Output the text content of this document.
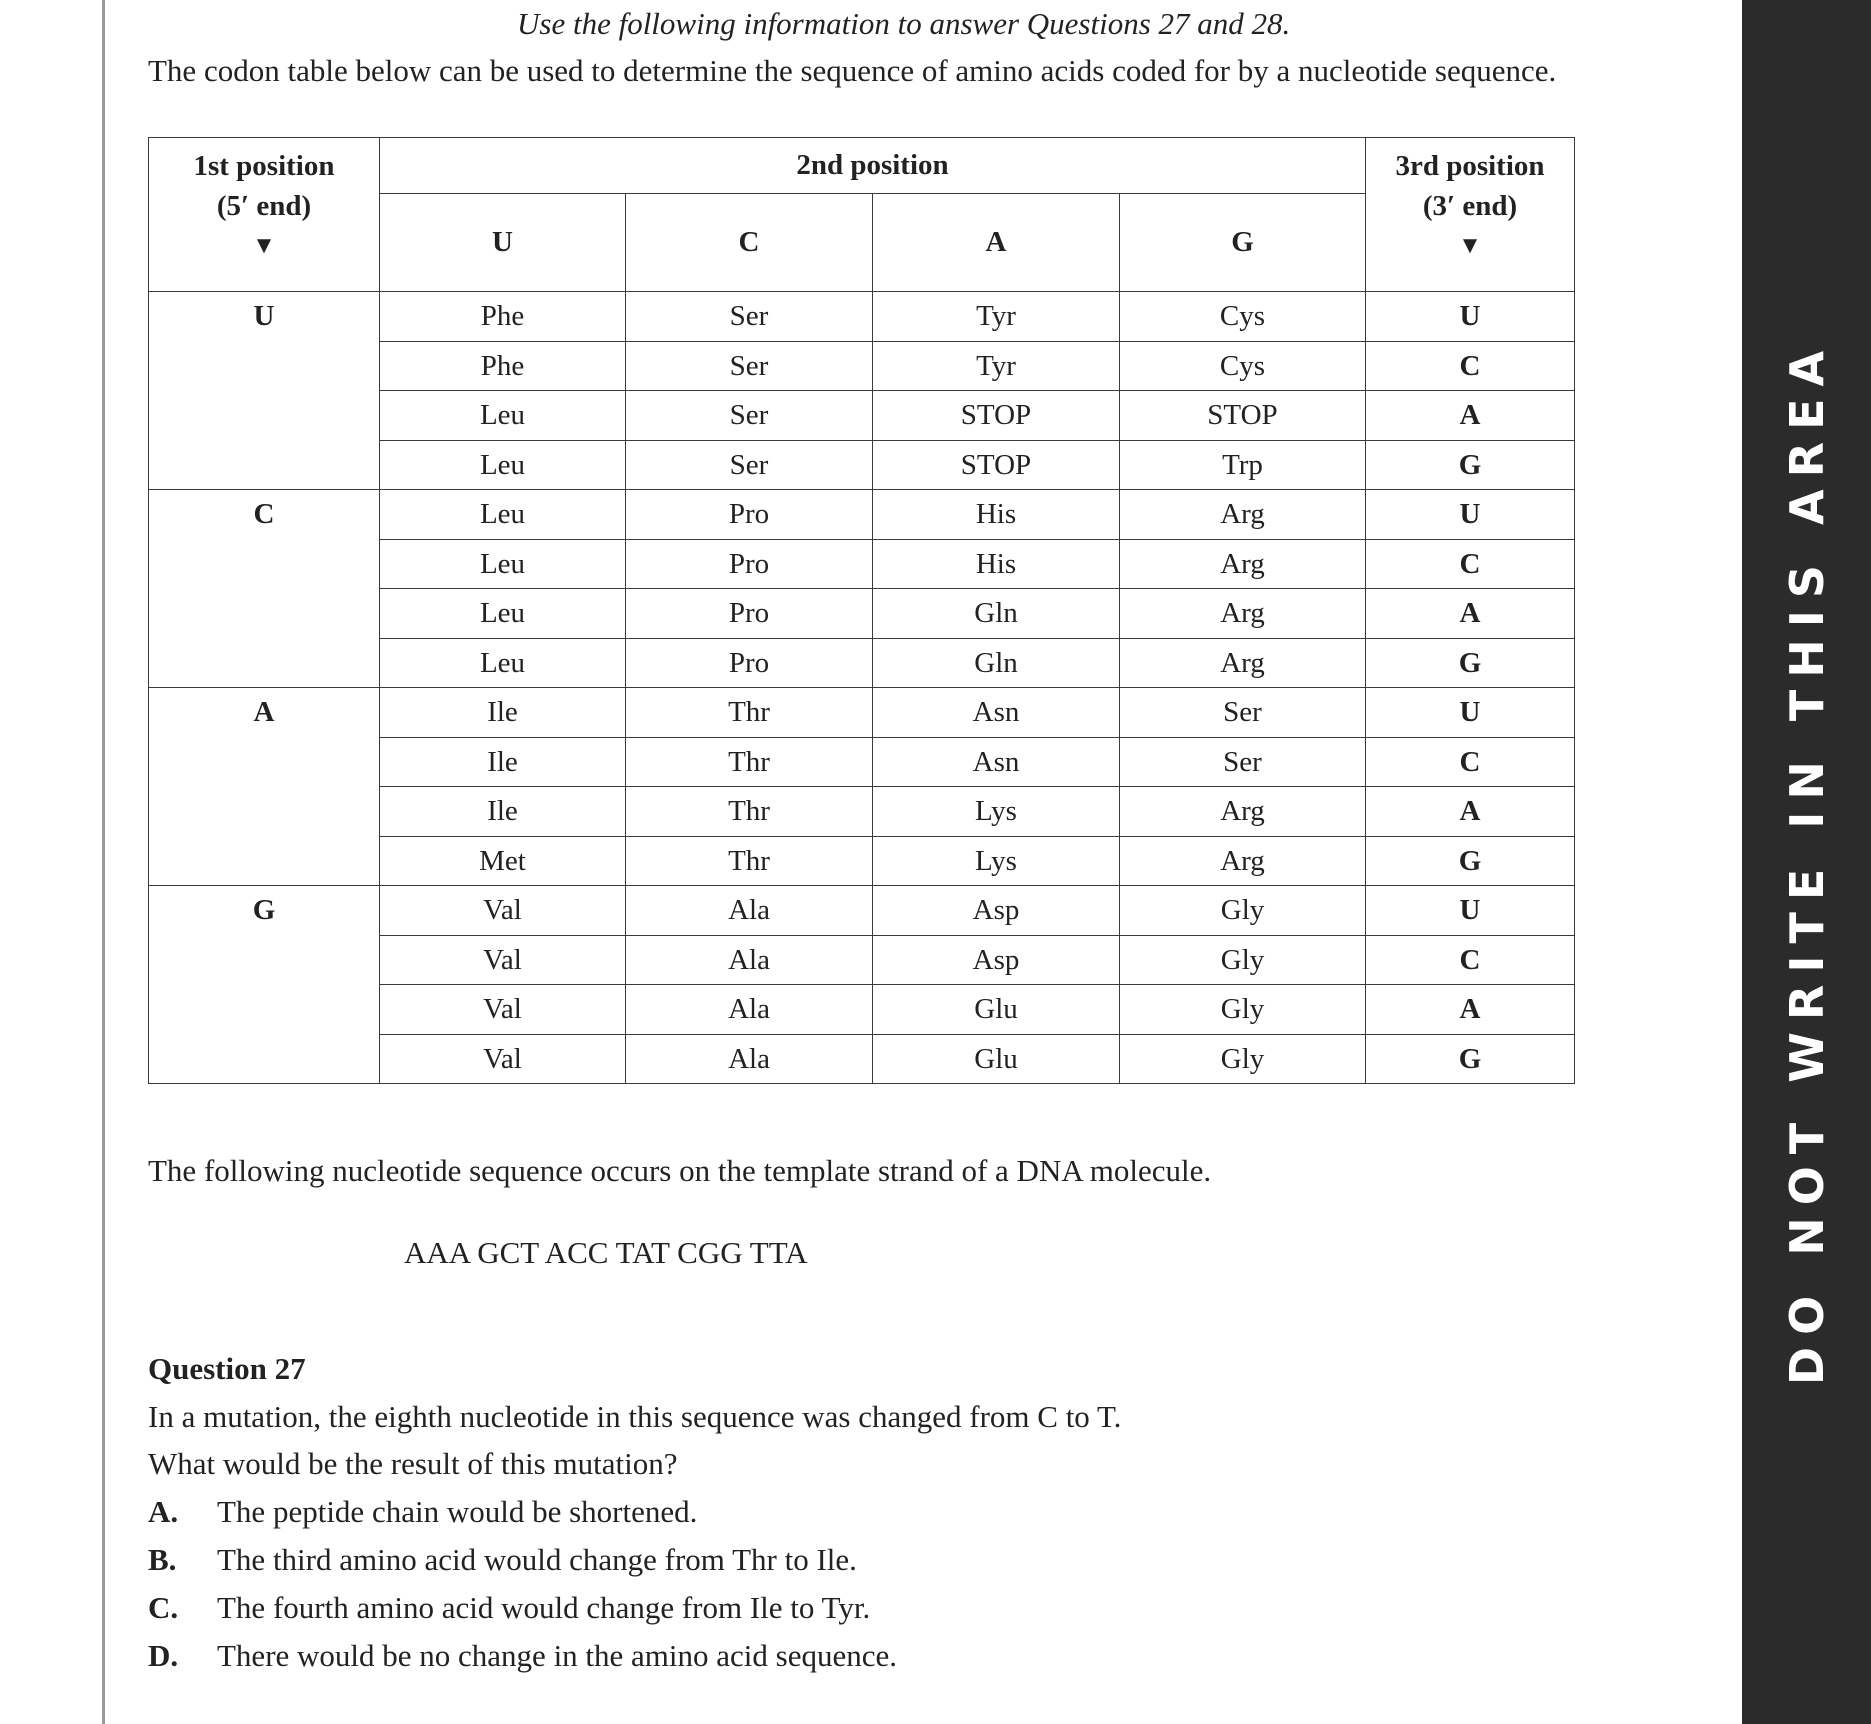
Use the following information to answer Questions 27 and 28.
The codon table below can be used to determine the sequence of amino acids coded for by a nucleotide sequence.
1st position
(5′ end)
▼	2nd position				3rd position
(3′ end)
▼

	U	C	A	G	
U	Phe	Ser	Tyr	Cys	U
	Phe	Ser	Tyr	Cys	C
	Leu	Ser	STOP	STOP	A
	Leu	Ser	STOP	Trp	G
C	Leu	Pro	His	Arg	U
	Leu	Pro	His	Arg	C
	Leu	Pro	Gln	Arg	A
	Leu	Pro	Gln	Arg	G
A	Ile	Thr	Asn	Ser	U
	Ile	Thr	Asn	Ser	C
	Ile	Thr	Lys	Arg	A
	Met	Thr	Lys	Arg	G
G	Val	Ala	Asp	Gly	U
	Val	Ala	Asp	Gly	C
	Val	Ala	Glu	Gly	A
	Val	Ala	Glu	Gly	G
The following nucleotide sequence occurs on the template strand of a DNA molecule.
AAA GCT ACC TAT CGG TTA
Question 27
In a mutation, the eighth nucleotide in this sequence was changed from C to T.
What would be the result of this mutation?
A. The peptide chain would be shortened.
B. The third amino acid would change from Thr to Ile.
C. The fourth amino acid would change from Ile to Tyr.
D. There would be no change in the amino acid sequence.
DO NOT WRITE IN THIS AREA
